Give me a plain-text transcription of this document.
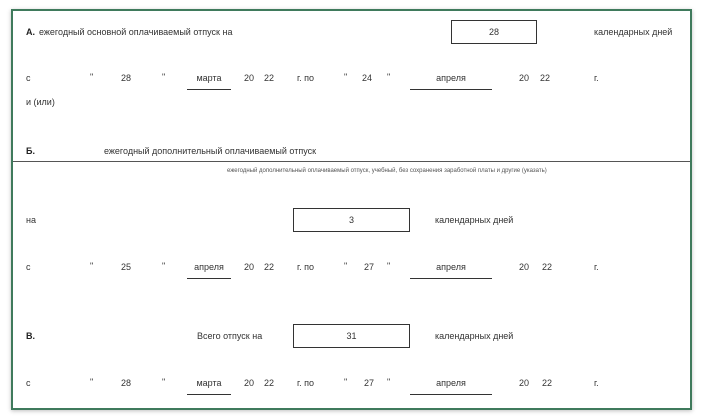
А. ежегодный основной оплачиваемый отпуск на	28	календарных дней
с	"	28	"	марта	20 22	г. по	" 24 "	апреля	20 22	г.
и (или)
Б.	ежегодный дополнительный оплачиваемый отпуск
ежегодный дополнительный оплачиваемый отпуск, учебный, без сохранения заработной платы и другие (указать)
на	3	календарных дней
с	"	25	"	апреля	20 22	г. по	" 27 "	апреля	20 22	г.
В.	Всего отпуск на	31	календарных дней
с	"	28	"	марта	20 22	г. по	" 27 "	апреля	20 22	г.
